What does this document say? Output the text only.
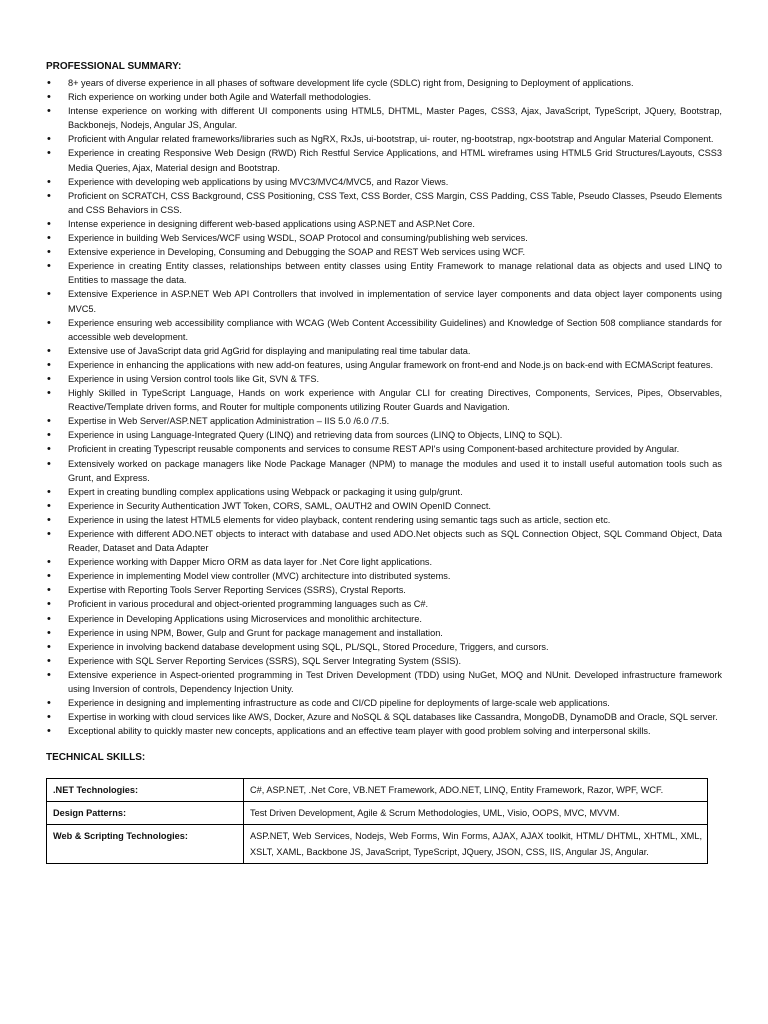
PROFESSIONAL SUMMARY:
• 8+ years of diverse experience in all phases of software development life cycle (SDLC) right from, Designing to Deployment of applications.
• Rich experience on working under both Agile and Waterfall methodologies.
• Intense experience on working with different UI components using HTML5, DHTML, Master Pages, CSS3, Ajax, JavaScript, TypeScript, JQuery, Bootstrap, Backbonejs, Nodejs, Angular JS, Angular.
• Proficient with Angular related frameworks/libraries such as NgRX, RxJs, ui-bootstrap, ui- router, ng-bootstrap, ngx-bootstrap and Angular Material Component.
• Experience in creating Responsive Web Design (RWD) Rich Restful Service Applications, and HTML wireframes using HTML5 Grid Structures/Layouts, CSS3 Media Queries, Ajax, Material design and Bootstrap.
• Experience with developing web applications by using MVC3/MVC4/MVC5, and Razor Views.
• Proficient on SCRATCH, CSS Background, CSS Positioning, CSS Text, CSS Border, CSS Margin, CSS Padding, CSS Table, Pseudo Classes, Pseudo Elements and CSS Behaviors in CSS.
• Intense experience in designing different web-based applications using ASP.NET and ASP.Net Core.
• Experience in building Web Services/WCF using WSDL, SOAP Protocol and consuming/publishing web services.
• Extensive experience in Developing, Consuming and Debugging the SOAP and REST Web services using WCF.
• Experience in creating Entity classes, relationships between entity classes using Entity Framework to manage relational data as objects and used LINQ to Entities to massage the data.
• Extensive Experience in ASP.NET Web API Controllers that involved in implementation of service layer components and data object layer components using MVC5.
• Experience ensuring web accessibility compliance with WCAG (Web Content Accessibility Guidelines) and Knowledge of Section 508 compliance standards for accessible web development.
• Extensive use of JavaScript data grid AgGrid for displaying and manipulating real time tabular data.
• Experience in enhancing the applications with new add-on features, using Angular framework on front-end and Node.js on back-end with ECMAScript features.
• Experience in using Version control tools like Git, SVN & TFS.
• Highly Skilled in TypeScript Language, Hands on work experience with Angular CLI for creating Directives, Components, Services, Pipes, Observables, Reactive/Template driven forms, and Router for multiple components utilizing Router Guards and Navigation.
• Expertise in Web Server/ASP.NET application Administration – IIS 5.0 /6.0 /7.5.
• Experience in using Language-Integrated Query (LINQ) and retrieving data from sources (LINQ to Objects, LINQ to SQL).
• Proficient in creating Typescript reusable components and services to consume REST API's using Component-based architecture provided by Angular.
• Extensively worked on package managers like Node Package Manager (NPM) to manage the modules and used it to install useful automation tools such as Grunt, and Express.
• Expert in creating bundling complex applications using Webpack or packaging it using gulp/grunt.
• Experience in Security Authentication JWT Token, CORS, SAML, OAUTH2 and OWIN OpenID Connect.
• Experience in using the latest HTML5 elements for video playback, content rendering using semantic tags such as article, section etc.
• Experience with different ADO.NET objects to interact with database and used ADO.Net objects such as SQL Connection Object, SQL Command Object, Data Reader, Dataset and Data Adapter
• Experience working with Dapper Micro ORM as data layer for .Net Core light applications.
• Experience in implementing Model view controller (MVC) architecture into distributed systems.
• Expertise with Reporting Tools Server Reporting Services (SSRS), Crystal Reports.
• Proficient in various procedural and object-oriented programming languages such as C#.
• Experience in Developing Applications using Microservices and monolithic architecture.
• Experience in using NPM, Bower, Gulp and Grunt for package management and installation.
• Experience in involving backend database development using SQL, PL/SQL, Stored Procedure, Triggers, and cursors.
• Experience with SQL Server Reporting Services (SSRS), SQL Server Integrating System (SSIS).
• Extensive experience in Aspect-oriented programming in Test Driven Development (TDD) using NuGet, MOQ and NUnit. Developed infrastructure framework using Inversion of controls, Dependency Injection Unity.
• Experience in designing and implementing infrastructure as code and CI/CD pipeline for deployments of large-scale web applications.
• Expertise in working with cloud services like AWS, Docker, Azure and NoSQL & SQL databases like Cassandra, MongoDB, DynamoDB and Oracle, SQL server.
• Exceptional ability to quickly master new concepts, applications and an effective team player with good problem solving and interpersonal skills.
TECHNICAL SKILLS:
.NET Technologies:	C#, ASP.NET, .Net Core, VB.NET Framework, ADO.NET, LINQ, Entity Framework, Razor, WPF, WCF.
Design Patterns:	Test Driven Development, Agile & Scrum Methodologies, UML, Visio, OOPS, MVC, MVVM.
Web & Scripting Technologies:	ASP.NET, Web Services, Nodejs, Web Forms, Win Forms, AJAX, AJAX toolkit, HTML/ DHTML, XHTML, XML, XSLT, XAML, Backbone JS, JavaScript, TypeScript, JQuery, JSON, CSS, IIS, Angular JS, Angular.
